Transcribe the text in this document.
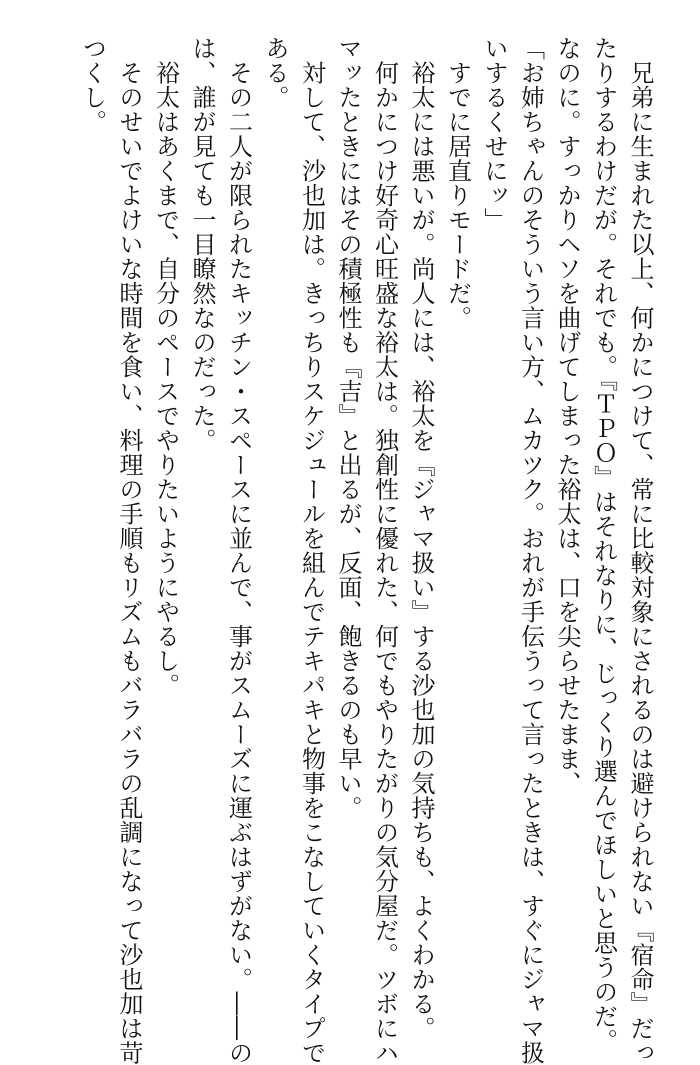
　兄弟に生まれた以上、何かにつけて、常に比較対象にされるのは避けられない『宿命』だっ
たりするわけだが。それでも。『ＴＰＯ』はそれなりに、じっくり選んでほしいと思うのだ。
なのに。すっかりヘソを曲げてしまった裕太は、口を尖らせたまま、
「お姉ちゃんのそういう言い方、ムカツク。おれが手伝うって言ったときは、すぐにジャマ扱
いするくせにッ」
　すでに居直りモードだ。
　裕太には悪いが。尚人には、裕太を『ジャマ扱い』する沙也加の気持ちも、よくわかる。
　何かにつけ好奇心旺盛な裕太は。独創性に優れた、何でもやりたがりの気分屋だ。ツボにハ
マッたときにはその積極性も『吉』と出るが、反面、飽きるのも早い。
　対して、沙也加は。きっちりスケジュールを組んでテキパキと物事をこなしていくタイプで
ある。
　その二人が限られたキッチン・スペースに並んで、事がスムーズに運ぶはずがない。――の
は、誰が見ても一目瞭然なのだった。
　裕太はあくまで、自分のペースでやりたいようにやるし。
　そのせいでよけいな時間を食い、料理の手順もリズムもバラバラの乱調になって沙也加は苛
つくし。
